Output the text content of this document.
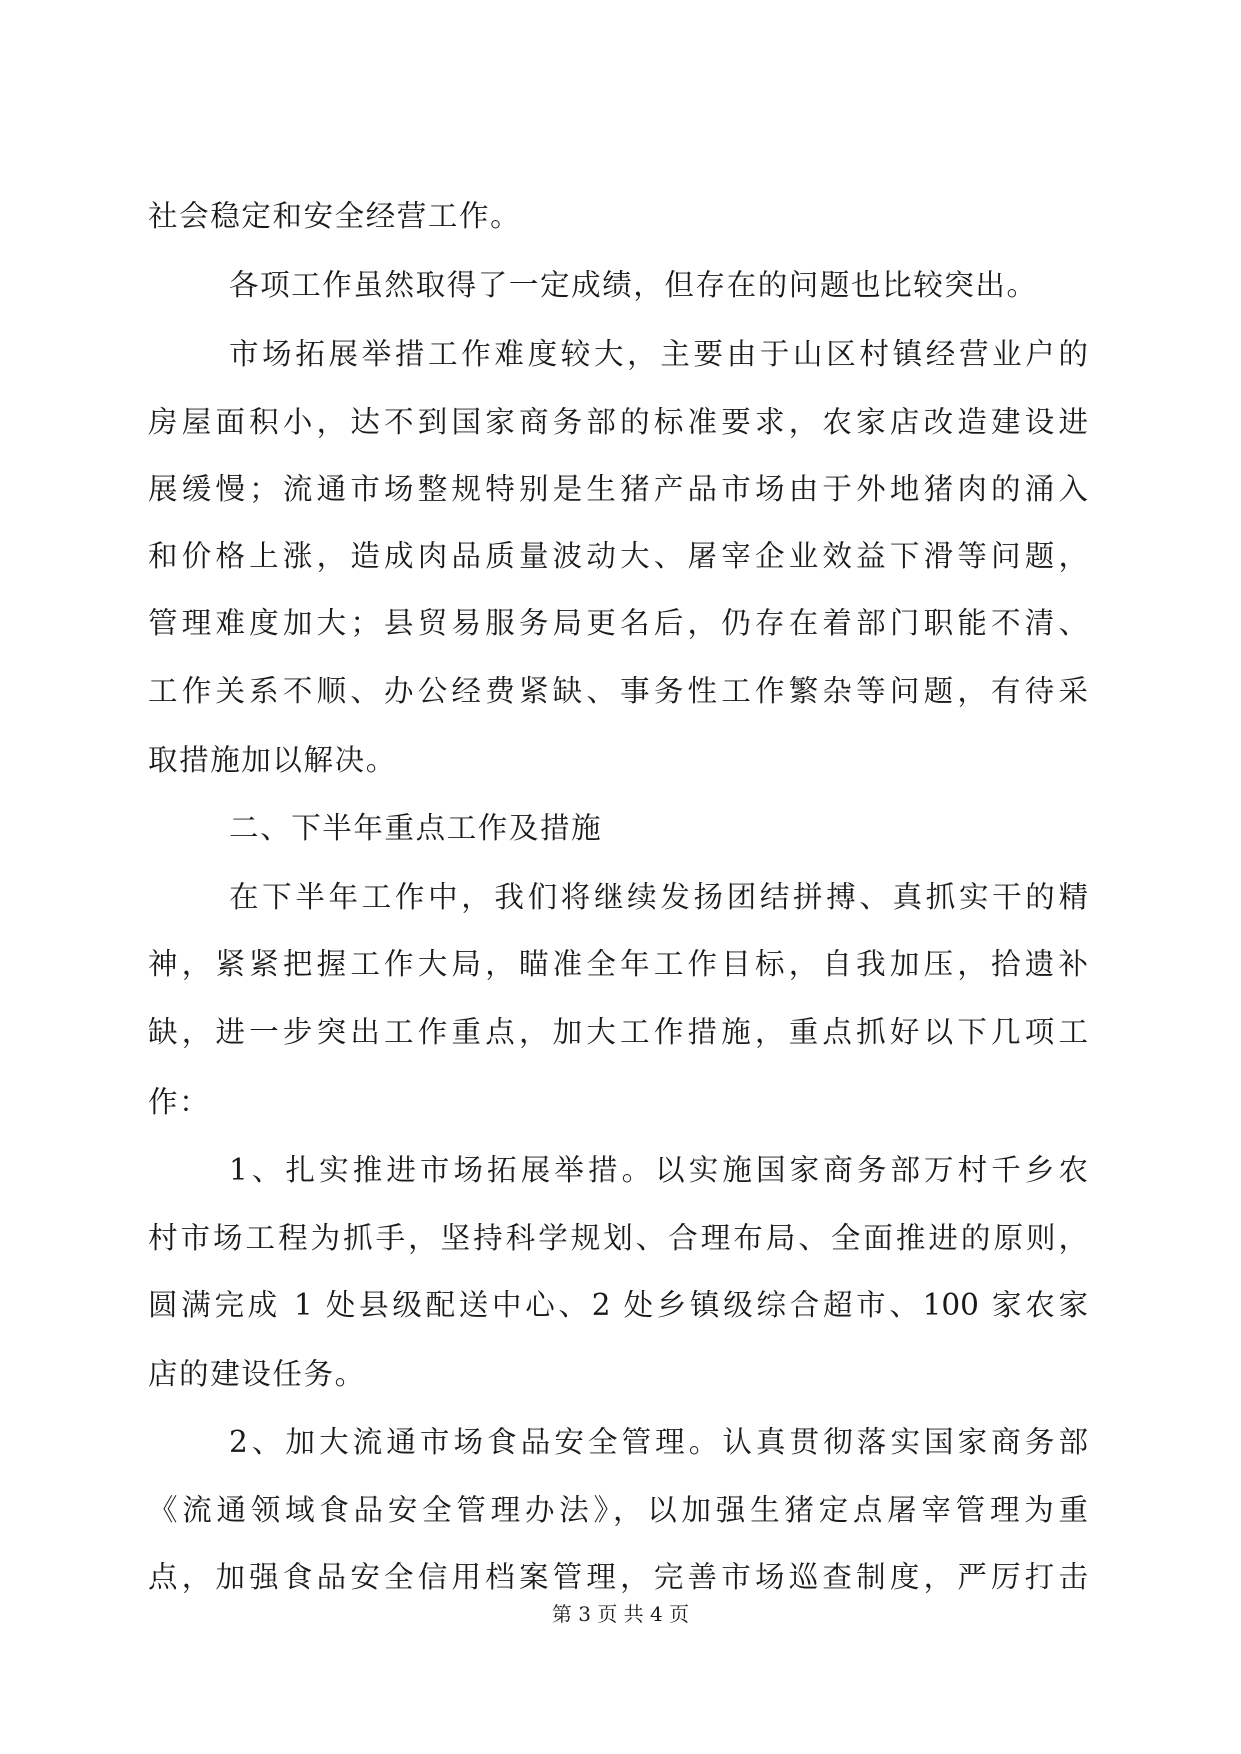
社会稳定和安全经营工作。
各项工作虽然取得了一定成绩，但存在的问题也比较突出。
市场拓展举措工作难度较大，主要由于山区村镇经营业户的
房屋面积小，达不到国家商务部的标准要求，农家店改造建设进
展缓慢；流通市场整规特别是生猪产品市场由于外地猪肉的涌入
和价格上涨，造成肉品质量波动大、屠宰企业效益下滑等问题，
管理难度加大；县贸易服务局更名后，仍存在着部门职能不清、
工作关系不顺、办公经费紧缺、事务性工作繁杂等问题，有待采
取措施加以解决。
二、下半年重点工作及措施
在下半年工作中，我们将继续发扬团结拼搏、真抓实干的精
神，紧紧把握工作大局，瞄准全年工作目标，自我加压，拾遗补
缺，进一步突出工作重点，加大工作措施，重点抓好以下几项工
作：
1、扎实推进市场拓展举措。以实施国家商务部万村千乡农
村市场工程为抓手，坚持科学规划、合理布局、全面推进的原则，
圆满完成 1 处县级配送中心、2 处乡镇级综合超市、100 家农家
店的建设任务。
2、加大流通市场食品安全管理。认真贯彻落实国家商务部
《流通领域食品安全管理办法》，以加强生猪定点屠宰管理为重
点，加强食品安全信用档案管理，完善市场巡查制度，严厉打击
第 3 页 共 4 页
